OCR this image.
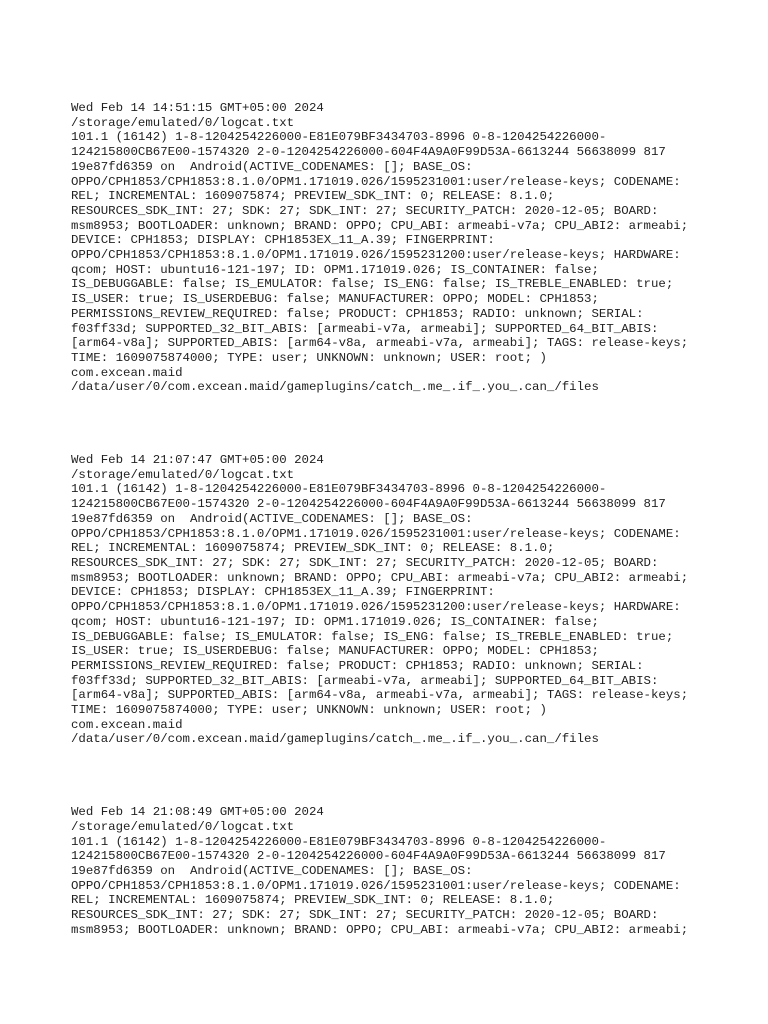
Wed Feb 14 14:51:15 GMT+05:00 2024
/storage/emulated/0/logcat.txt
101.1 (16142) 1-8-1204254226000-E81E079BF3434703-8996 0-8-1204254226000-
124215800CB67E00-1574320 2-0-1204254226000-604F4A9A0F99D53A-6613244 56638099 817
19e87fd6359 on  Android(ACTIVE_CODENAMES: []; BASE_OS:
OPPO/CPH1853/CPH1853:8.1.0/OPM1.171019.026/1595231001:user/release-keys; CODENAME:
REL; INCREMENTAL: 1609075874; PREVIEW_SDK_INT: 0; RELEASE: 8.1.0;
RESOURCES_SDK_INT: 27; SDK: 27; SDK_INT: 27; SECURITY_PATCH: 2020-12-05; BOARD:
msm8953; BOOTLOADER: unknown; BRAND: OPPO; CPU_ABI: armeabi-v7a; CPU_ABI2: armeabi;
DEVICE: CPH1853; DISPLAY: CPH1853EX_11_A.39; FINGERPRINT:
OPPO/CPH1853/CPH1853:8.1.0/OPM1.171019.026/1595231200:user/release-keys; HARDWARE:
qcom; HOST: ubuntu16-121-197; ID: OPM1.171019.026; IS_CONTAINER: false;
IS_DEBUGGABLE: false; IS_EMULATOR: false; IS_ENG: false; IS_TREBLE_ENABLED: true;
IS_USER: true; IS_USERDEBUG: false; MANUFACTURER: OPPO; MODEL: CPH1853;
PERMISSIONS_REVIEW_REQUIRED: false; PRODUCT: CPH1853; RADIO: unknown; SERIAL:
f03ff33d; SUPPORTED_32_BIT_ABIS: [armeabi-v7a, armeabi]; SUPPORTED_64_BIT_ABIS:
[arm64-v8a]; SUPPORTED_ABIS: [arm64-v8a, armeabi-v7a, armeabi]; TAGS: release-keys;
TIME: 1609075874000; TYPE: user; UNKNOWN: unknown; USER: root; )
com.excean.maid
/data/user/0/com.excean.maid/gameplugins/catch_.me_.if_.you_.can_/files
Wed Feb 14 21:07:47 GMT+05:00 2024
/storage/emulated/0/logcat.txt
101.1 (16142) 1-8-1204254226000-E81E079BF3434703-8996 0-8-1204254226000-
124215800CB67E00-1574320 2-0-1204254226000-604F4A9A0F99D53A-6613244 56638099 817
19e87fd6359 on  Android(ACTIVE_CODENAMES: []; BASE_OS:
OPPO/CPH1853/CPH1853:8.1.0/OPM1.171019.026/1595231001:user/release-keys; CODENAME:
REL; INCREMENTAL: 1609075874; PREVIEW_SDK_INT: 0; RELEASE: 8.1.0;
RESOURCES_SDK_INT: 27; SDK: 27; SDK_INT: 27; SECURITY_PATCH: 2020-12-05; BOARD:
msm8953; BOOTLOADER: unknown; BRAND: OPPO; CPU_ABI: armeabi-v7a; CPU_ABI2: armeabi;
DEVICE: CPH1853; DISPLAY: CPH1853EX_11_A.39; FINGERPRINT:
OPPO/CPH1853/CPH1853:8.1.0/OPM1.171019.026/1595231200:user/release-keys; HARDWARE:
qcom; HOST: ubuntu16-121-197; ID: OPM1.171019.026; IS_CONTAINER: false;
IS_DEBUGGABLE: false; IS_EMULATOR: false; IS_ENG: false; IS_TREBLE_ENABLED: true;
IS_USER: true; IS_USERDEBUG: false; MANUFACTURER: OPPO; MODEL: CPH1853;
PERMISSIONS_REVIEW_REQUIRED: false; PRODUCT: CPH1853; RADIO: unknown; SERIAL:
f03ff33d; SUPPORTED_32_BIT_ABIS: [armeabi-v7a, armeabi]; SUPPORTED_64_BIT_ABIS:
[arm64-v8a]; SUPPORTED_ABIS: [arm64-v8a, armeabi-v7a, armeabi]; TAGS: release-keys;
TIME: 1609075874000; TYPE: user; UNKNOWN: unknown; USER: root; )
com.excean.maid
/data/user/0/com.excean.maid/gameplugins/catch_.me_.if_.you_.can_/files
Wed Feb 14 21:08:49 GMT+05:00 2024
/storage/emulated/0/logcat.txt
101.1 (16142) 1-8-1204254226000-E81E079BF3434703-8996 0-8-1204254226000-
124215800CB67E00-1574320 2-0-1204254226000-604F4A9A0F99D53A-6613244 56638099 817
19e87fd6359 on  Android(ACTIVE_CODENAMES: []; BASE_OS:
OPPO/CPH1853/CPH1853:8.1.0/OPM1.171019.026/1595231001:user/release-keys; CODENAME:
REL; INCREMENTAL: 1609075874; PREVIEW_SDK_INT: 0; RELEASE: 8.1.0;
RESOURCES_SDK_INT: 27; SDK: 27; SDK_INT: 27; SECURITY_PATCH: 2020-12-05; BOARD:
msm8953; BOOTLOADER: unknown; BRAND: OPPO; CPU_ABI: armeabi-v7a; CPU_ABI2: armeabi;
